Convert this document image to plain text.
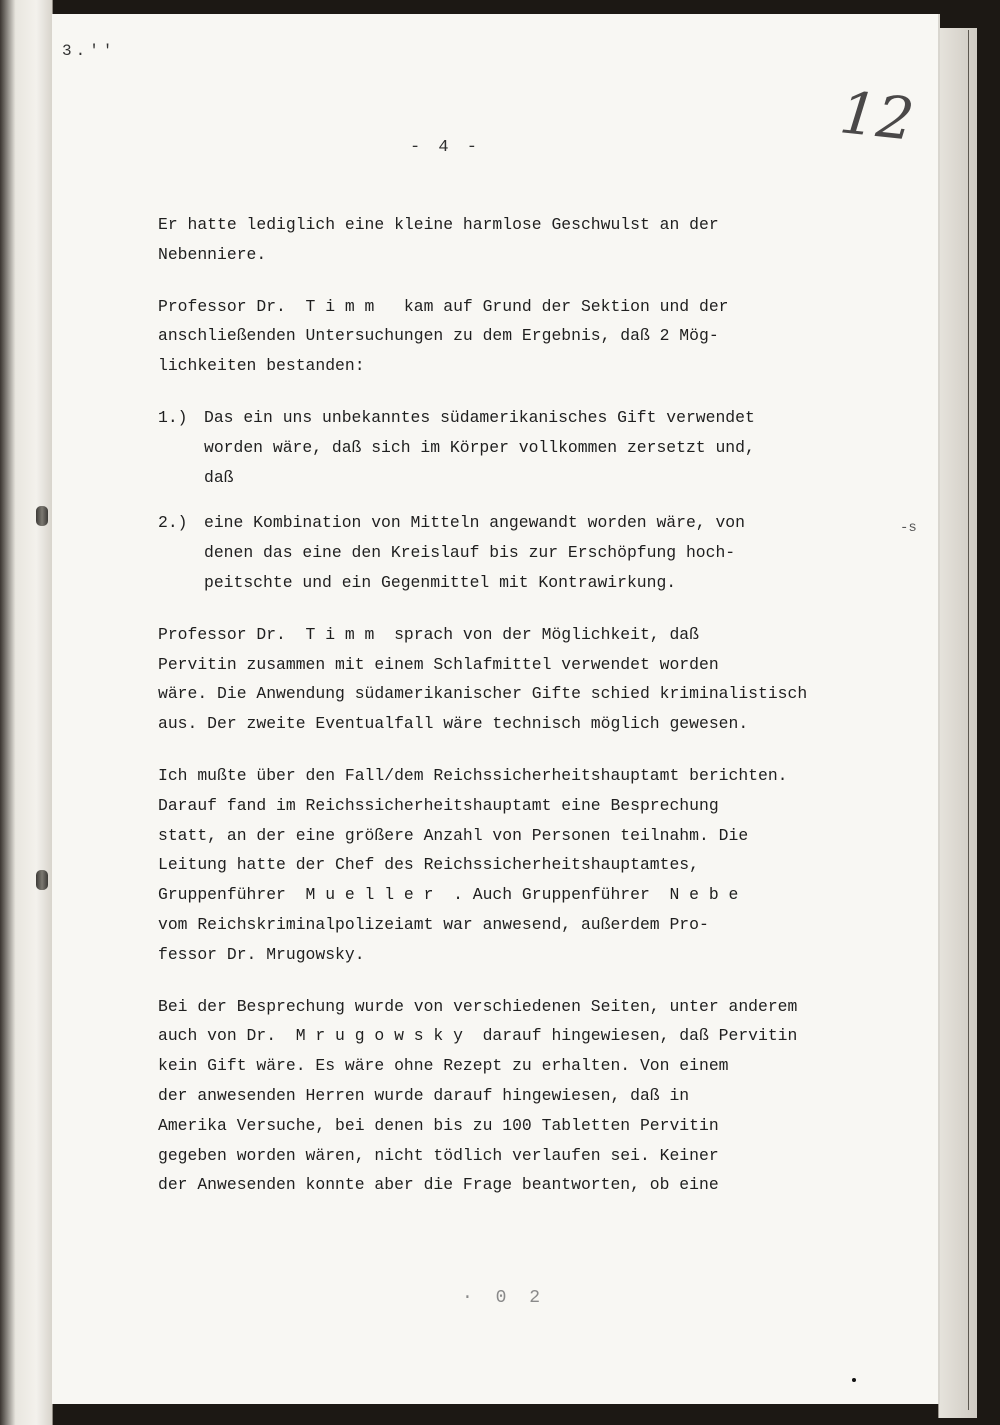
3.''
12
- 4 -

Er hatte lediglich eine kleine harmlose Geschwulst an der
Nebenniere.

Professor Dr.  T i m m   kam auf Grund der Sektion und der
anschließenden Untersuchungen zu dem Ergebnis, daß 2 Mög-
lichkeiten bestanden:

1.)	Das ein uns unbekanntes südamerikanisches Gift verwendet
worden wäre, daß sich im Körper vollkommen zersetzt und,
daß
2.)	eine Kombination von Mitteln angewandt worden wäre, von
denen das eine den Kreislauf bis zur Erschöpfung hoch-
peitschte und ein Gegenmittel mit Kontrawirkung.

Professor Dr.  T i m m  sprach von der Möglichkeit, daß
Pervitin zusammen mit einem Schlafmittel verwendet worden
wäre. Die Anwendung südamerikanischer Gifte schied kriminalistisch
aus. Der zweite Eventualfall wäre technisch möglich gewesen.

Ich mußte über den Fall/dem Reichssicherheitshauptamt berichten.
Darauf fand im Reichssicherheitshauptamt eine Besprechung
statt, an der eine größere Anzahl von Personen teilnahm. Die
Leitung hatte der Chef des Reichssicherheitshauptamtes,
Gruppenführer  M u e l l e r  . Auch Gruppenführer  N e b e
vom Reichskriminalpolizeiamt war anwesend, außerdem Pro-
fessor Dr. Mrugowsky.

Bei der Besprechung wurde von verschiedenen Seiten, unter anderem
auch von Dr.  M r u g o w s k y  darauf hingewiesen, daß Pervitin
kein Gift wäre. Es wäre ohne Rezept zu erhalten. Von einem
der anwesenden Herren wurde darauf hingewiesen, daß in
Amerika Versuche, bei denen bis zu 100 Tabletten Pervitin
gegeben worden wären, nicht tödlich verlaufen sei. Keiner
der Anwesenden konnte aber die Frage beantworten, ob eine

· 0 2
-s
